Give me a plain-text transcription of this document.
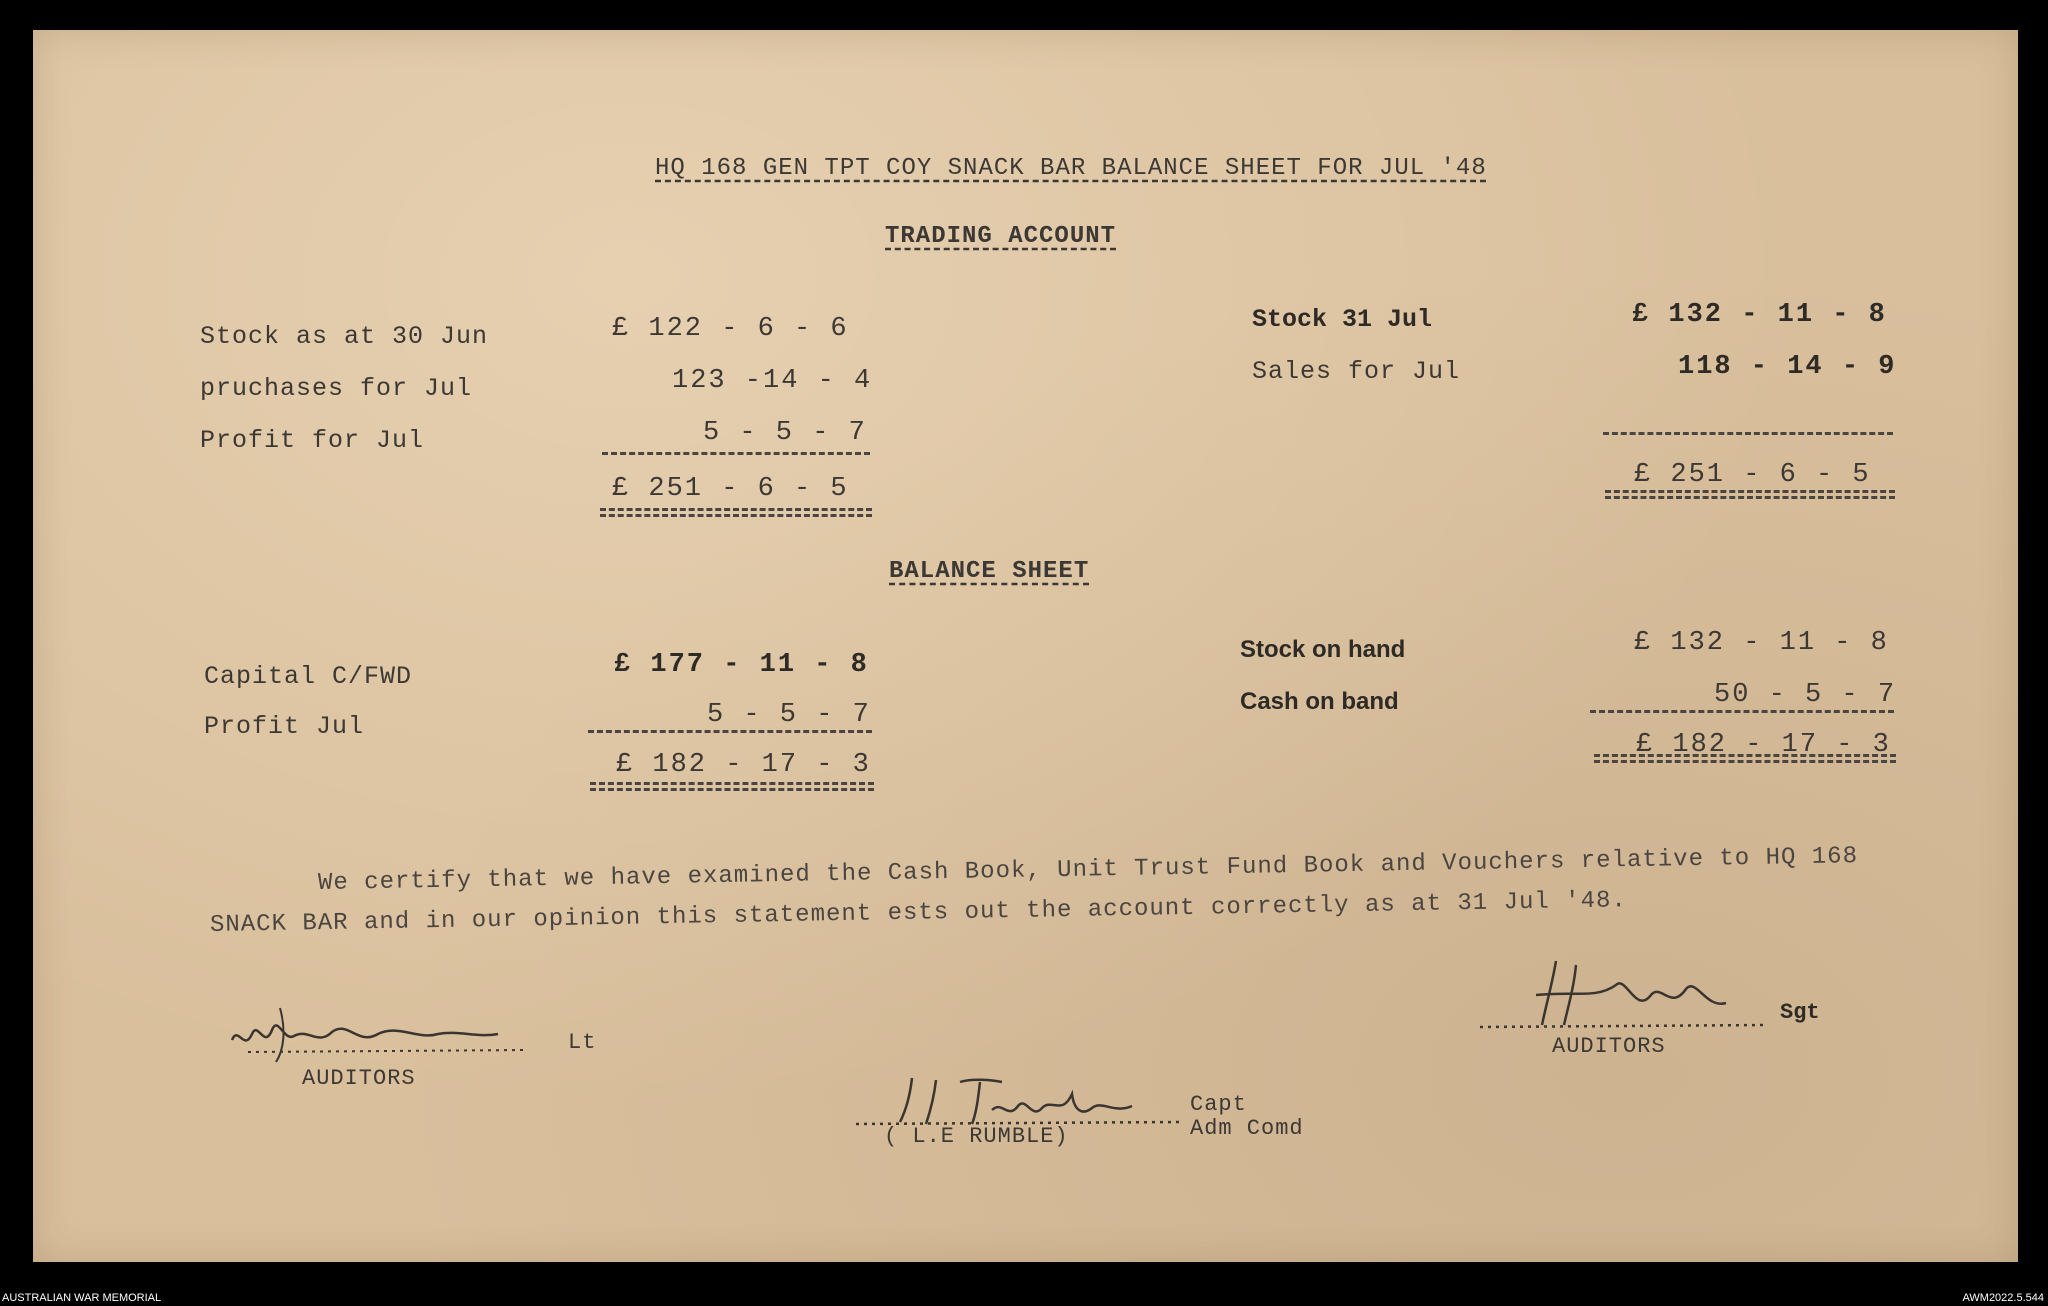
HQ 168 GEN TPT COY SNACK BAR BALANCE SHEET FOR JUL '48
TRADING ACCOUNT
Stock as at 30 Jun
pruchases for Jul
Profit for Jul
£ 122 - 6 - 6
123 -14 - 4
5 - 5 - 7
£ 251 - 6 - 5
Stock 31 Jul
Sales for Jul
£ 132 - 11 - 8
118 - 14 - 9
£ 251 - 6 - 5
BALANCE SHEET
Capital C/FWD
Profit Jul
£ 177 - 11 - 8
5 - 5 - 7
£ 182 - 17 - 3
Stock on hand
Cash on band
£ 132 - 11 - 8
50 - 5 - 7
£ 182 - 17 - 3
We certify that we have examined the Cash Book, Unit Trust Fund Book and Vouchers relative to HQ 168
SNACK BAR and in our opinion this statement ests out the account correctly as at 31 Jul '48.
Lt
AUDITORS
Sgt
AUDITORS
Capt
( L.E RUMBLE)	Adm Comd
AUSTRALIAN WAR MEMORIAL	AWM2022.5.544
